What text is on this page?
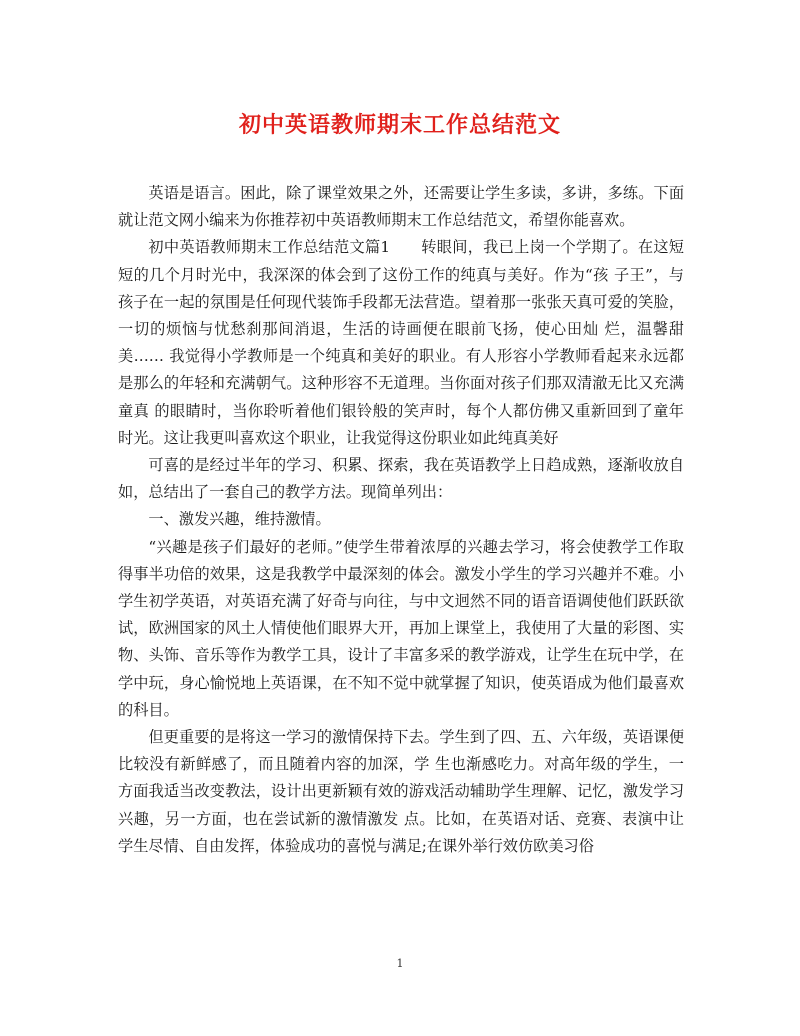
初中英语教师期末工作总结范文

英语是语言。困此，除了课堂效果之外，还需要让学生多读，多讲，多练。下面就让范文网小编来为你推荐初中英语教师期末工作总结范文，希望你能喜欢。

初中英语教师期末工作总结范文篇1　　转眼间，我已上岗一个学期了。在这短短的几个月时光中，我深深的体会到了这份工作的纯真与美好。作为“孩 子王”，与孩子在一起的氛围是任何现代装饰手段都无法营造。望着那一张张天真可爱的笑脸，一切的烦恼与忧愁刹那间消退，生活的诗画便在眼前飞扬，使心田灿 烂，温馨甜美…… 我觉得小学教师是一个纯真和美好的职业。有人形容小学教师看起来永远都是那么的年轻和充满朝气。这种形容不无道理。当你面对孩子们那双清澈无比又充满童真 的眼睛时，当你聆听着他们银铃般的笑声时，每个人都仿佛又重新回到了童年时光。这让我更叫喜欢这个职业，让我觉得这份职业如此纯真美好

可喜的是经过半年的学习、积累、探索，我在英语教学上日趋成熟，逐渐收放自如，总结出了一套自己的教学方法。现简单列出：

一、激发兴趣，维持激情。

“兴趣是孩子们最好的老师。”使学生带着浓厚的兴趣去学习，将会使教学工作取得事半功倍的效果，这是我教学中最深刻的体会。激发小学生的学习兴趣并不难。小学生初学英语，对英语充满了好奇与向往，与中文迥然不同的语音语调使他们跃跃欲试，欧洲国家的风土人情使他们眼界大开，再加上课堂上，我使用了大量的彩图、实物、头饰、音乐等作为教学工具，设计了丰富多采的教学游戏，让学生在玩中学，在学中玩，身心愉悦地上英语课，在不知不觉中就掌握了知识，使英语成为他们最喜欢的科目。

但更重要的是将这一学习的激情保持下去。学生到了四、五、六年级，英语课便比较没有新鲜感了，而且随着内容的加深，学 生也渐感吃力。对高年级的学生，一方面我适当改变教法，设计出更新颖有效的游戏活动辅助学生理解、记忆，激发学习兴趣，另一方面，也在尝试新的激情激发 点。比如，在英语对话、竞赛、表演中让学生尽情、自由发挥，体验成功的喜悦与满足;在课外举行效仿欧美习俗

1
